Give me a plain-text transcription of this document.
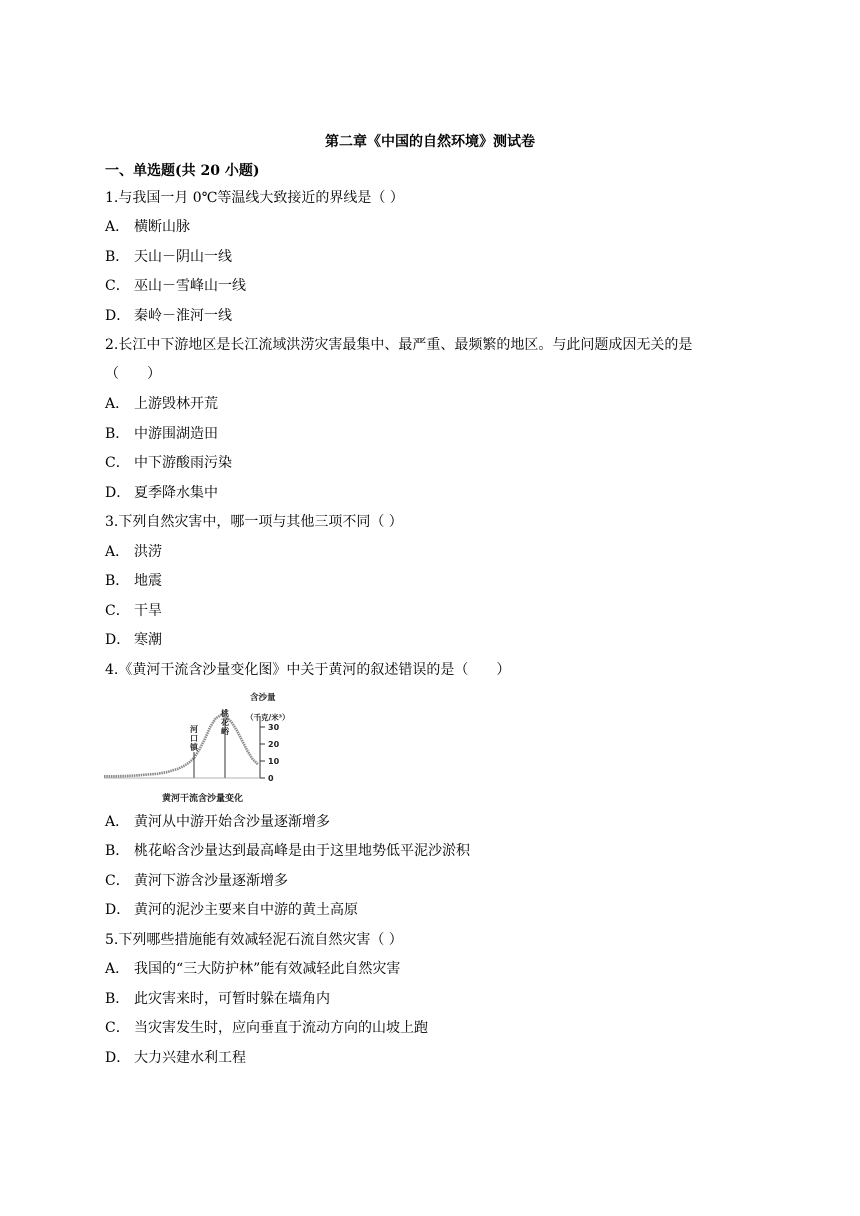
第二章《中国的自然环境》测试卷
一、单选题(共 20 小题)
1.与我国一月 0℃等温线大致接近的界线是（ ）
A． 横断山脉
B． 天山－阴山一线
C． 巫山－雪峰山一线
D． 秦岭－淮河一线
2.长江中下游地区是长江流域洪涝灾害最集中、最严重、最频繁的地区。与此问题成因无关的是
（　　）
A． 上游毁林开荒
B． 中游围湖造田
C． 中下游酸雨污染
D． 夏季降水集中
3.下列自然灾害中，哪一项与其他三项不同（ ）
A． 洪涝
B． 地震
C． 干旱
D． 寒潮
4.《黄河干流含沙量变化图》中关于黄河的叙述错误的是（　　）
河
口
镇
桃
花
峪
0
10
20
30
含沙量
（千克/米³）
黄河干流含沙量变化
A． 黄河从中游开始含沙量逐渐增多
B． 桃花峪含沙量达到最高峰是由于这里地势低平泥沙淤积
C． 黄河下游含沙量逐渐增多
D． 黄河的泥沙主要来自中游的黄土高原
5.下列哪些措施能有效减轻泥石流自然灾害（ ）
A． 我国的“三大防护林”能有效减轻此自然灾害
B． 此灾害来时，可暂时躲在墙角内
C． 当灾害发生时，应向垂直于流动方向的山坡上跑
D． 大力兴建水利工程
